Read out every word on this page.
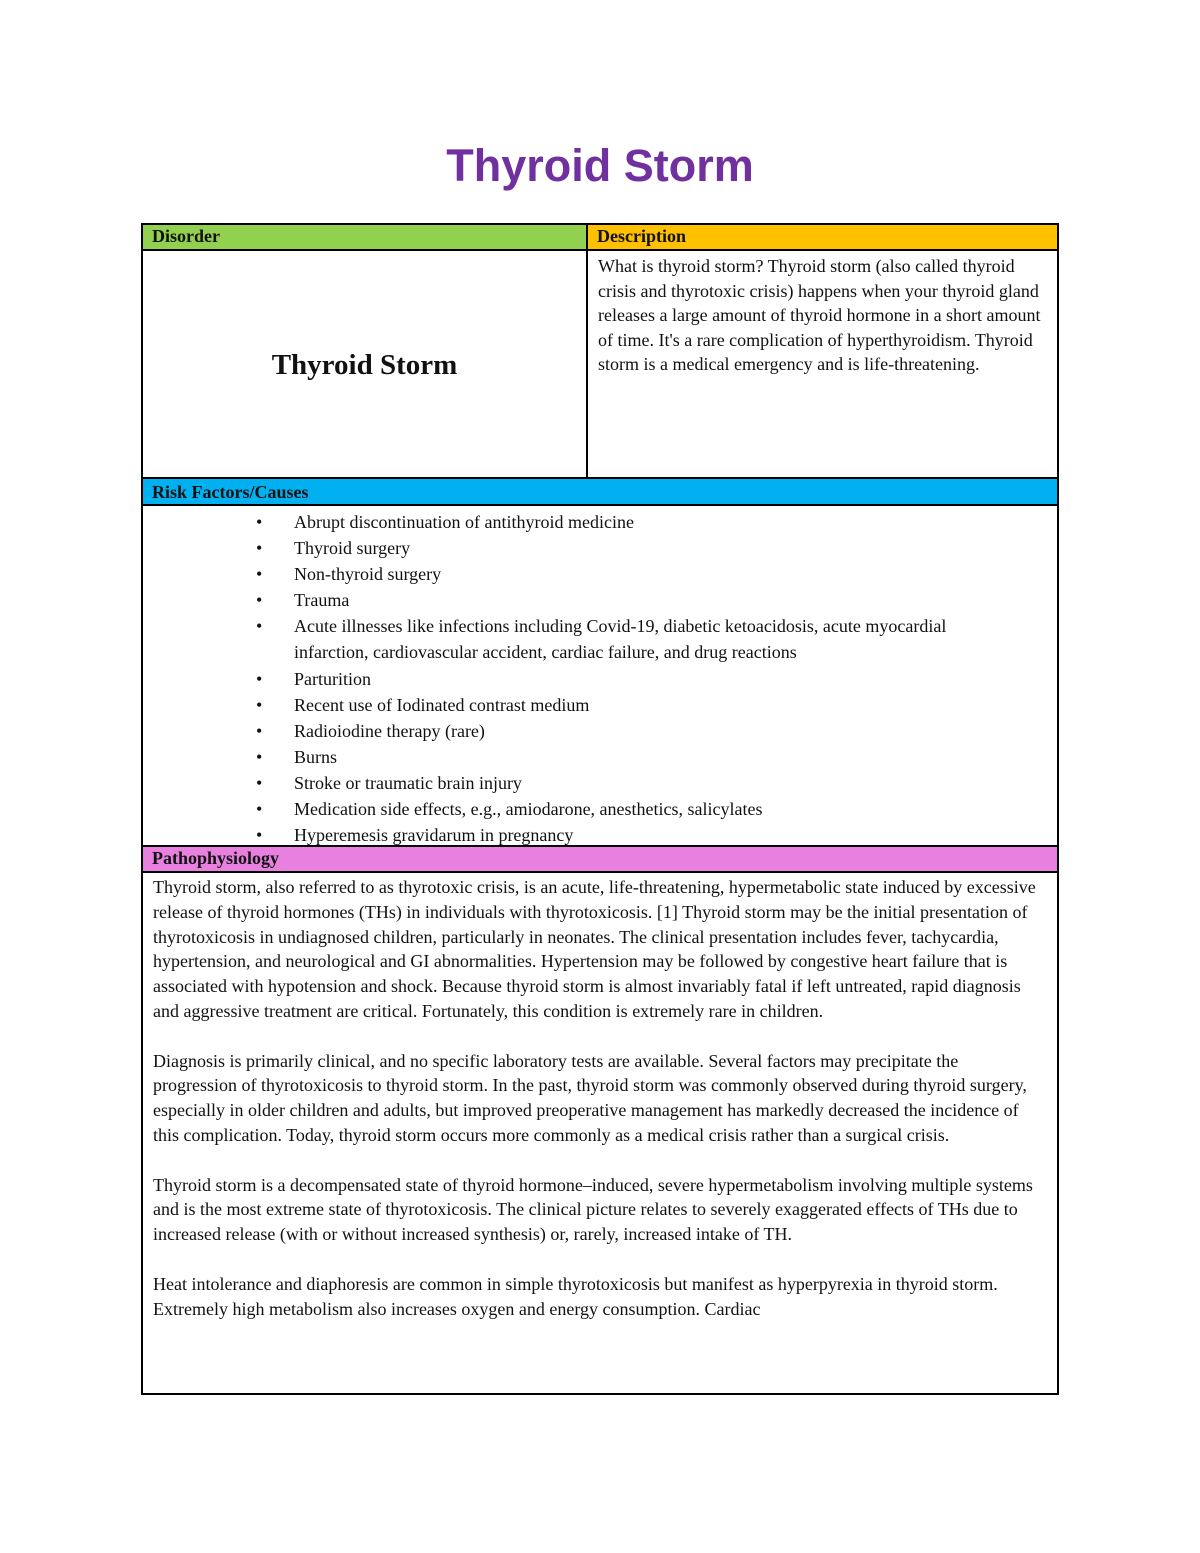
Thyroid Storm
Disorder	Description
Thyroid Storm
What is thyroid storm? Thyroid storm (also called thyroid crisis and thyrotoxic crisis) happens when your thyroid gland releases a large amount of thyroid hormone in a short amount of time. It's a rare complication of hyperthyroidism. Thyroid storm is a medical emergency and is life-threatening.
Risk Factors/Causes
• Abrupt discontinuation of antithyroid medicine
• Thyroid surgery
• Non-thyroid surgery
• Trauma
• Acute illnesses like infections including Covid-19, diabetic ketoacidosis, acute myocardial infarction, cardiovascular accident, cardiac failure, and drug reactions
• Parturition
• Recent use of Iodinated contrast medium
• Radioiodine therapy (rare)
• Burns
• Stroke or traumatic brain injury
• Medication side effects, e.g., amiodarone, anesthetics, salicylates
• Hyperemesis gravidarum in pregnancy
Pathophysiology

Thyroid storm, also referred to as thyrotoxic crisis, is an acute, life-threatening, hypermetabolic state induced by excessive release of thyroid hormones (THs) in individuals with thyrotoxicosis. [1] Thyroid storm may be the initial presentation of thyrotoxicosis in undiagnosed children, particularly in neonates. The clinical presentation includes fever, tachycardia, hypertension, and neurological and GI abnormalities. Hypertension may be followed by congestive heart failure that is associated with hypotension and shock. Because thyroid storm is almost invariably fatal if left untreated, rapid diagnosis and aggressive treatment are critical. Fortunately, this condition is extremely rare in children.

Diagnosis is primarily clinical, and no specific laboratory tests are available. Several factors may precipitate the progression of thyrotoxicosis to thyroid storm. In the past, thyroid storm was commonly observed during thyroid surgery, especially in older children and adults, but improved preoperative management has markedly decreased the incidence of this complication. Today, thyroid storm occurs more commonly as a medical crisis rather than a surgical crisis.

Thyroid storm is a decompensated state of thyroid hormone–induced, severe hypermetabolism involving multiple systems and is the most extreme state of thyrotoxicosis. The clinical picture relates to severely exaggerated effects of THs due to increased release (with or without increased synthesis) or, rarely, increased intake of TH.

Heat intolerance and diaphoresis are common in simple thyrotoxicosis but manifest as hyperpyrexia in thyroid storm. Extremely high metabolism also increases oxygen and energy consumption. Cardiac
